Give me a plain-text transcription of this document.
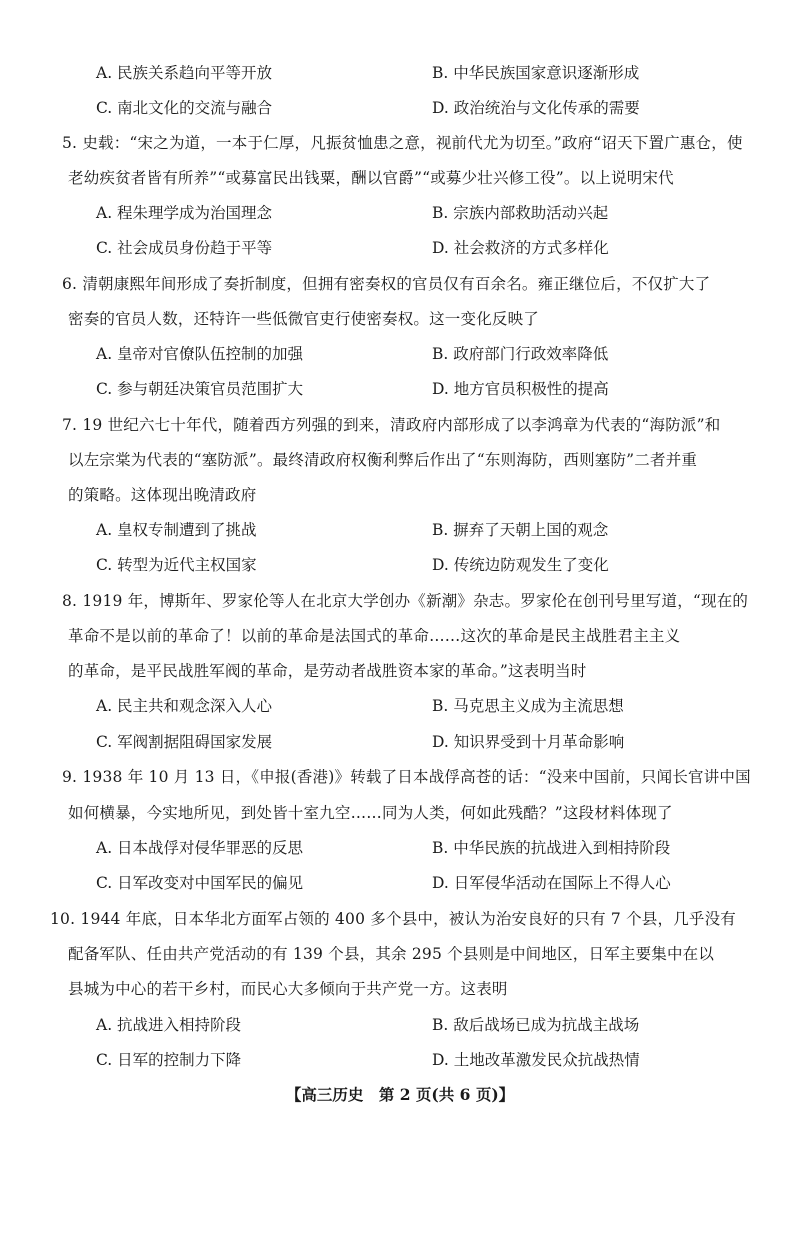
A. 民族关系趋向平等开放	B. 中华民族国家意识逐渐形成
C. 南北文化的交流与融合	D. 政治统治与文化传承的需要
5. 史载：“宋之为道，一本于仁厚，凡振贫恤患之意，视前代尤为切至。”政府“诏天下置广惠仓，使
老幼疾贫者皆有所养”“或募富民出钱粟，酬以官爵”“或募少壮兴修工役”。以上说明宋代
A. 程朱理学成为治国理念	B. 宗族内部救助活动兴起
C. 社会成员身份趋于平等	D. 社会救济的方式多样化
6. 清朝康熙年间形成了奏折制度，但拥有密奏权的官员仅有百余名。雍正继位后，不仅扩大了
密奏的官员人数，还特许一些低微官吏行使密奏权。这一变化反映了
A. 皇帝对官僚队伍控制的加强	B. 政府部门行政效率降低
C. 参与朝廷决策官员范围扩大	D. 地方官员积极性的提高
7. 19 世纪六七十年代，随着西方列强的到来，清政府内部形成了以李鸿章为代表的“海防派”和
以左宗棠为代表的“塞防派”。最终清政府权衡利弊后作出了“东则海防，西则塞防”二者并重
的策略。这体现出晚清政府
A. 皇权专制遭到了挑战	B. 摒弃了天朝上国的观念
C. 转型为近代主权国家	D. 传统边防观发生了变化
8. 1919 年，博斯年、罗家伦等人在北京大学创办《新潮》杂志。罗家伦在创刊号里写道，“现在的
革命不是以前的革命了！以前的革命是法国式的革命……这次的革命是民主战胜君主主义
的革命，是平民战胜军阀的革命，是劳动者战胜资本家的革命。”这表明当时
A. 民主共和观念深入人心	B. 马克思主义成为主流思想
C. 军阀割据阻碍国家发展	D. 知识界受到十月革命影响
9. 1938 年 10 月 13 日，《申报(香港)》转载了日本战俘高苍的话：“没来中国前，只闻长官讲中国
如何横暴，今实地所见，到处皆十室九空……同为人类，何如此残酷？”这段材料体现了
A. 日本战俘对侵华罪恶的反思	B. 中华民族的抗战进入到相持阶段
C. 日军改变对中国军民的偏见	D. 日军侵华活动在国际上不得人心
10. 1944 年底，日本华北方面军占领的 400 多个县中，被认为治安良好的只有 7 个县，几乎没有
配备军队、任由共产党活动的有 139 个县，其余 295 个县则是中间地区，日军主要集中在以
县城为中心的若干乡村，而民心大多倾向于共产党一方。这表明
A. 抗战进入相持阶段	B. 敌后战场已成为抗战主战场
C. 日军的控制力下降	D. 土地改革激发民众抗战热情
【高三历史　第 2 页(共 6 页)】
